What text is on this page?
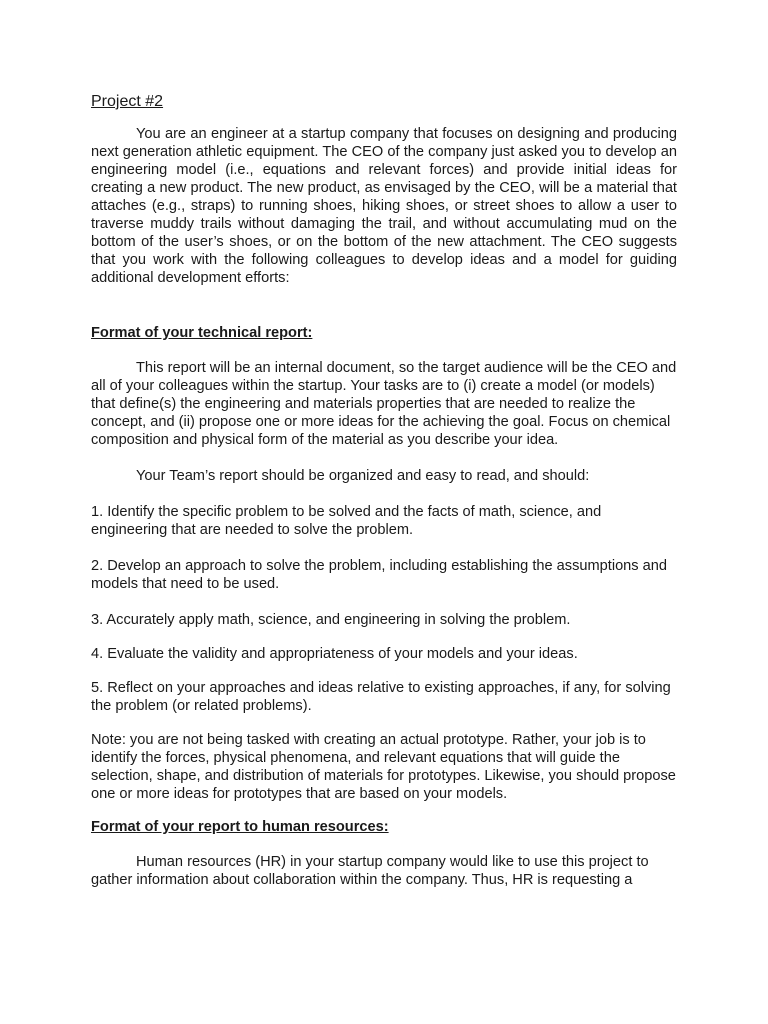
Project #2

You are an engineer at a startup company that focuses on designing and producing next generation athletic equipment. The CEO of the company just asked you to develop an engineering model (i.e., equations and relevant forces) and provide initial ideas for creating a new product. The new product, as envisaged by the CEO, will be a material that attaches (e.g., straps) to running shoes, hiking shoes, or street shoes to allow a user to traverse muddy trails without damaging the trail, and without accumulating mud on the bottom of the user’s shoes, or on the bottom of the new attachment. The CEO suggests that you work with the following colleagues to develop ideas and a model for guiding additional development efforts:

Format of your technical report:

This report will be an internal document, so the target audience will be the CEO and all of your colleagues within the startup. Your tasks are to (i) create a model (or models) that define(s) the engineering and materials properties that are needed to realize the concept, and (ii) propose one or more ideas for the achieving the goal. Focus on chemical composition and physical form of the material as you describe your idea.

Your Team’s report should be organized and easy to read, and should:

1. Identify the specific problem to be solved and the facts of math, science, and engineering that are needed to solve the problem.

2. Develop an approach to solve the problem, including establishing the assumptions and models that need to be used.

3. Accurately apply math, science, and engineering in solving the problem.

4. Evaluate the validity and appropriateness of your models and your ideas.

5. Reflect on your approaches and ideas relative to existing approaches, if any, for solving the problem (or related problems).

Note: you are not being tasked with creating an actual prototype. Rather, your job is to identify the forces, physical phenomena, and relevant equations that will guide the selection, shape, and distribution of materials for prototypes. Likewise, you should propose one or more ideas for prototypes that are based on your models.

Format of your report to human resources:

Human resources (HR) in your startup company would like to use this project to gather information about collaboration within the company. Thus, HR is requesting a
